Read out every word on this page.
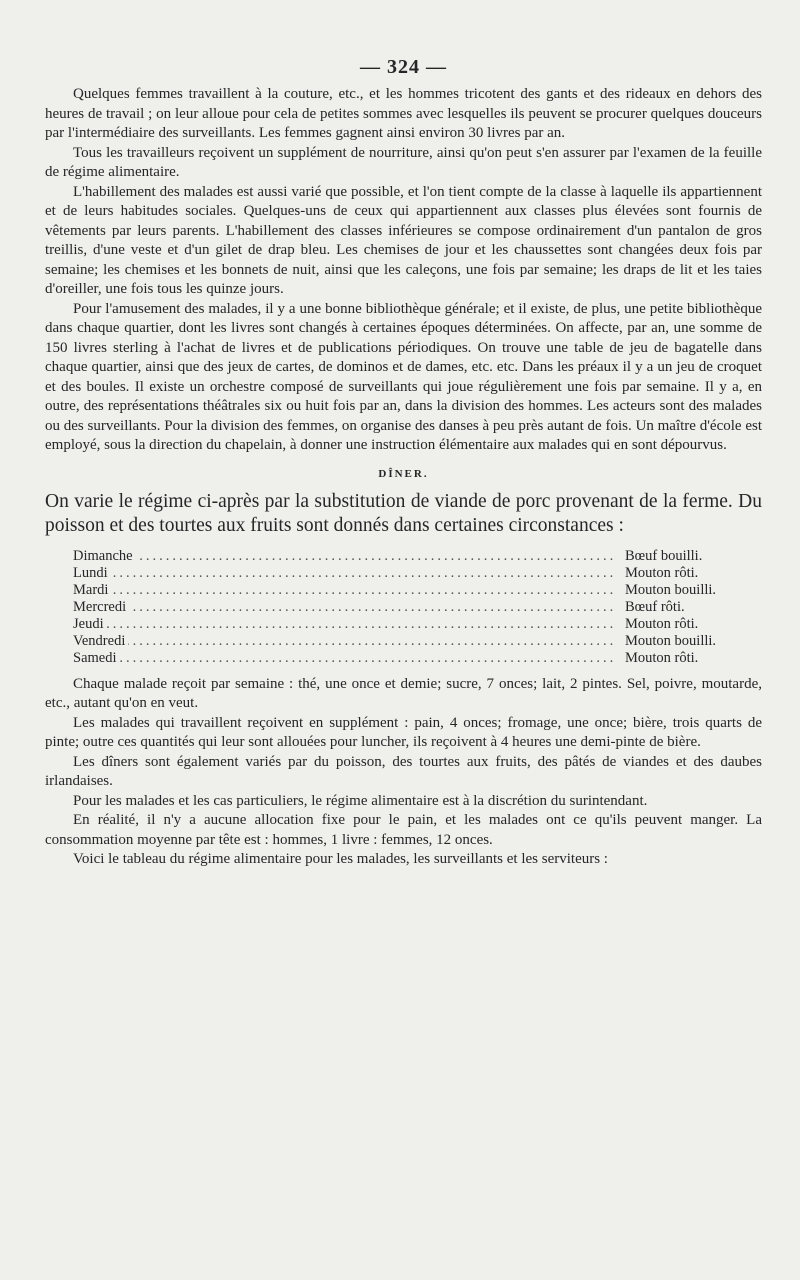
— 324 —

Quelques femmes travaillent à la couture, etc., et les hommes tricotent des gants et des rideaux en dehors des heures de travail ; on leur alloue pour cela de petites sommes avec lesquelles ils peuvent se procurer quelques douceurs par l'intermédiaire des surveillants. Les femmes gagnent ainsi environ 30 livres par an.

Tous les travailleurs reçoivent un supplément de nourriture, ainsi qu'on peut s'en assurer par l'examen de la feuille de régime alimentaire.

L'habillement des malades est aussi varié que possible, et l'on tient compte de la classe à laquelle ils appartiennent et de leurs habitudes sociales. Quelques-uns de ceux qui appartiennent aux classes plus élevées sont fournis de vêtements par leurs parents. L'habillement des classes inférieures se compose ordinairement d'un pantalon de gros treillis, d'une veste et d'un gilet de drap bleu. Les chemises de jour et les chaussettes sont changées deux fois par semaine; les chemises et les bonnets de nuit, ainsi que les caleçons, une fois par semaine; les draps de lit et les taies d'oreiller, une fois tous les quinze jours.

Pour l'amusement des malades, il y a une bonne bibliothèque générale; et il existe, de plus, une petite bibliothèque dans chaque quartier, dont les livres sont changés à certaines époques déterminées. On affecte, par an, une somme de 150 livres sterling à l'achat de livres et de publications périodiques. On trouve une table de jeu de bagatelle dans chaque quartier, ainsi que des jeux de cartes, de dominos et de dames, etc. etc. Dans les préaux il y a un jeu de croquet et des boules. Il existe un orchestre composé de surveillants qui joue régulièrement une fois par semaine. Il y a, en outre, des représentations théâtrales six ou huit fois par an, dans la division des hommes. Les acteurs sont des malades ou des surveillants. Pour la division des femmes, on organise des danses à peu près autant de fois. Un maître d'école est employé, sous la direction du chapelain, à donner une instruction élémentaire aux malades qui en sont dépourvus.

DÎNER.

On varie le régime ci-après par la substitution de viande de porc provenant de la ferme. Du poisson et des tourtes aux fruits sont donnés dans certaines circonstances :

Dimanche .....	Bœuf bouilli.
Lundi .....	Mouton rôti.
Mardi .....	Mouton bouilli.
Mercredi .....	Bœuf rôti.
Jeudi .....	Mouton rôti.
Vendredi .....	Mouton bouilli.
Samedi .....	Mouton rôti.

Chaque malade reçoit par semaine : thé, une once et demie; sucre, 7 onces; lait, 2 pintes. Sel, poivre, moutarde, etc., autant qu'on en veut.

Les malades qui travaillent reçoivent en supplément : pain, 4 onces; fromage, une once; bière, trois quarts de pinte; outre ces quantités qui leur sont allouées pour luncher, ils reçoivent à 4 heures une demi-pinte de bière.

Les dîners sont également variés par du poisson, des tourtes aux fruits, des pâtés de viandes et des daubes irlandaises.

Pour les malades et les cas particuliers, le régime alimentaire est à la discrétion du surintendant.

En réalité, il n'y a aucune allocation fixe pour le pain, et les malades ont ce qu'ils peuvent manger. La consommation moyenne par tête est : hommes, 1 livre : femmes, 12 onces.

Voici le tableau du régime alimentaire pour les malades, les surveillants et les serviteurs :
